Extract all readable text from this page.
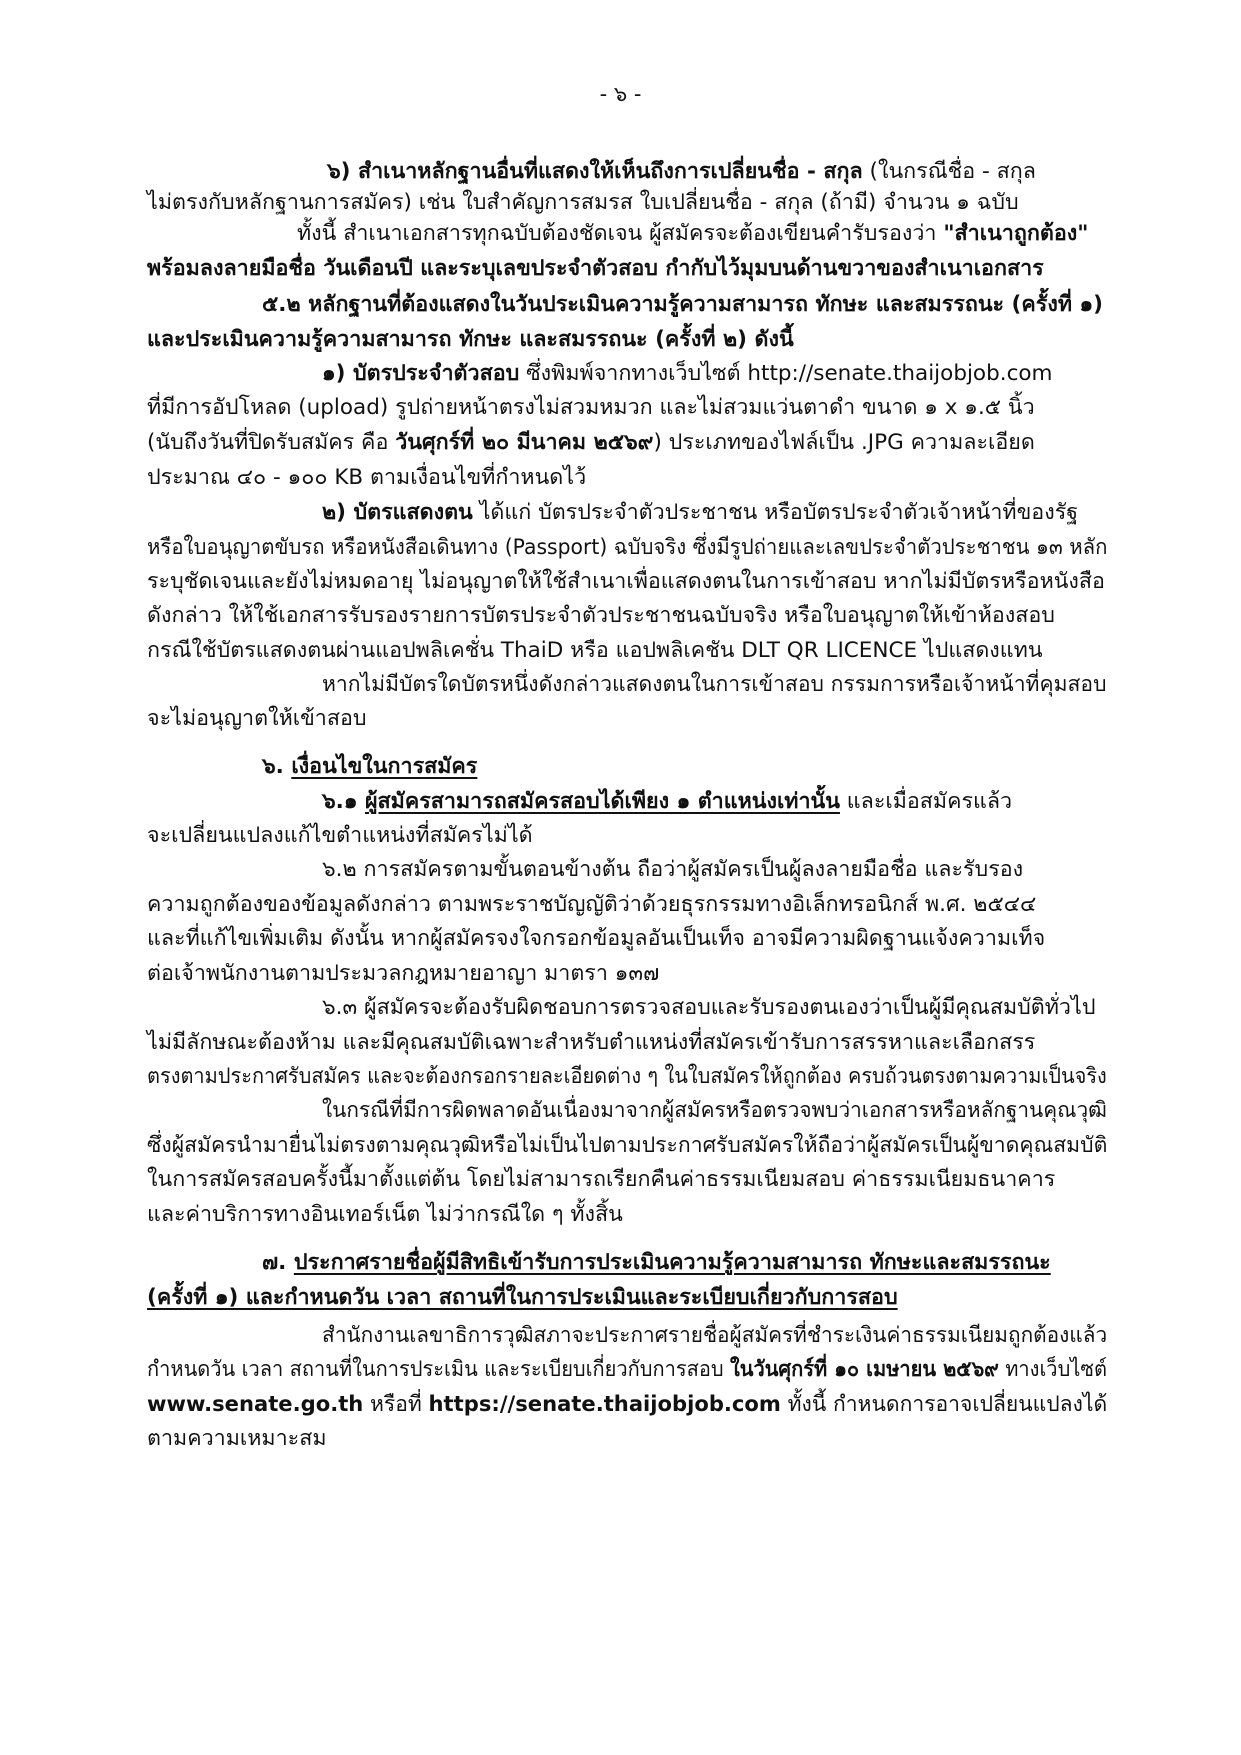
- ๖ -
๖) สำเนาหลักฐานอื่นที่แสดงให้เห็นถึงการเปลี่ยนชื่อ - สกุล (ในกรณีชื่อ - สกุล
ไม่ตรงกับหลักฐานการสมัคร) เช่น ใบสำคัญการสมรส ใบเปลี่ยนชื่อ - สกุล (ถ้ามี) จำนวน ๑ ฉบับ
ทั้งนี้ สำเนาเอกสารทุกฉบับต้องชัดเจน ผู้สมัครจะต้องเขียนคำรับรองว่า "สำเนาถูกต้อง"
พร้อมลงลายมือชื่อ วันเดือนปี และระบุเลขประจำตัวสอบ กำกับไว้มุมบนด้านขวาของสำเนาเอกสาร
๕.๒ หลักฐานที่ต้องแสดงในวันประเมินความรู้ความสามารถ ทักษะ และสมรรถนะ (ครั้งที่ ๑)
และประเมินความรู้ความสามารถ ทักษะ และสมรรถนะ (ครั้งที่ ๒) ดังนี้
๑) บัตรประจำตัวสอบ ซึ่งพิมพ์จากทางเว็บไซต์ http://senate.thaijobjob.com
ที่มีการอัปโหลด (upload) รูปถ่ายหน้าตรงไม่สวมหมวก และไม่สวมแว่นตาดำ ขนาด ๑ x ๑.๕ นิ้ว
(นับถึงวันที่ปิดรับสมัคร คือ วันศุกร์ที่ ๒๐ มีนาคม ๒๕๖๙) ประเภทของไฟล์เป็น .JPG ความละเอียด
ประมาณ ๔๐ - ๑๐๐ KB ตามเงื่อนไขที่กำหนดไว้
๒) บัตรแสดงตน ได้แก่ บัตรประจำตัวประชาชน หรือบัตรประจำตัวเจ้าหน้าที่ของรัฐ
หรือใบอนุญาตขับรถ หรือหนังสือเดินทาง (Passport) ฉบับจริง ซึ่งมีรูปถ่ายและเลขประจำตัวประชาชน ๑๓ หลัก
ระบุชัดเจนและยังไม่หมดอายุ ไม่อนุญาตให้ใช้สำเนาเพื่อแสดงตนในการเข้าสอบ หากไม่มีบัตรหรือหนังสือ
ดังกล่าว ให้ใช้เอกสารรับรองรายการบัตรประจำตัวประชาชนฉบับจริง หรือใบอนุญาตให้เข้าห้องสอบ
กรณีใช้บัตรแสดงตนผ่านแอปพลิเคชั่น ThaiD หรือ แอปพลิเคชัน DLT QR LICENCE ไปแสดงแทน
หากไม่มีบัตรใดบัตรหนึ่งดังกล่าวแสดงตนในการเข้าสอบ กรรมการหรือเจ้าหน้าที่คุมสอบ
จะไม่อนุญาตให้เข้าสอบ
๖. เงื่อนไขในการสมัคร
๖.๑ ผู้สมัครสามารถสมัครสอบได้เพียง ๑ ตำแหน่งเท่านั้น และเมื่อสมัครแล้ว
จะเปลี่ยนแปลงแก้ไขตำแหน่งที่สมัครไม่ได้
๖.๒ การสมัครตามขั้นตอนข้างต้น ถือว่าผู้สมัครเป็นผู้ลงลายมือชื่อ และรับรอง
ความถูกต้องของข้อมูลดังกล่าว ตามพระราชบัญญัติว่าด้วยธุรกรรมทางอิเล็กทรอนิกส์ พ.ศ. ๒๕๔๔
และที่แก้ไขเพิ่มเติม ดังนั้น หากผู้สมัครจงใจกรอกข้อมูลอันเป็นเท็จ อาจมีความผิดฐานแจ้งความเท็จ
ต่อเจ้าพนักงานตามประมวลกฎหมายอาญา มาตรา ๑๓๗
๖.๓ ผู้สมัครจะต้องรับผิดชอบการตรวจสอบและรับรองตนเองว่าเป็นผู้มีคุณสมบัติทั่วไป
ไม่มีลักษณะต้องห้าม และมีคุณสมบัติเฉพาะสำหรับตำแหน่งที่สมัครเข้ารับการสรรหาและเลือกสรร
ตรงตามประกาศรับสมัคร และจะต้องกรอกรายละเอียดต่าง ๆ ในใบสมัครให้ถูกต้อง ครบถ้วนตรงตามความเป็นจริง
ในกรณีที่มีการผิดพลาดอันเนื่องมาจากผู้สมัครหรือตรวจพบว่าเอกสารหรือหลักฐานคุณวุฒิ
ซึ่งผู้สมัครนำมายื่นไม่ตรงตามคุณวุฒิหรือไม่เป็นไปตามประกาศรับสมัครให้ถือว่าผู้สมัครเป็นผู้ขาดคุณสมบัติ
ในการสมัครสอบครั้งนี้มาตั้งแต่ต้น โดยไม่สามารถเรียกคืนค่าธรรมเนียมสอบ ค่าธรรมเนียมธนาคาร
และค่าบริการทางอินเทอร์เน็ต ไม่ว่ากรณีใด ๆ ทั้งสิ้น
๗. ประกาศรายชื่อผู้มีสิทธิเข้ารับการประเมินความรู้ความสามารถ ทักษะและสมรรถนะ
(ครั้งที่ ๑) และกำหนดวัน เวลา สถานที่ในการประเมินและระเบียบเกี่ยวกับการสอบ
สำนักงานเลขาธิการวุฒิสภาจะประกาศรายชื่อผู้สมัครที่ชำระเงินค่าธรรมเนียมถูกต้องแล้ว
กำหนดวัน เวลา สถานที่ในการประเมิน และระเบียบเกี่ยวกับการสอบ ในวันศุกร์ที่ ๑๐ เมษายน ๒๕๖๙ ทางเว็บไซต์
www.senate.go.th หรือที่ https://senate.thaijobjob.com ทั้งนี้ กำหนดการอาจเปลี่ยนแปลงได้
ตามความเหมาะสม
